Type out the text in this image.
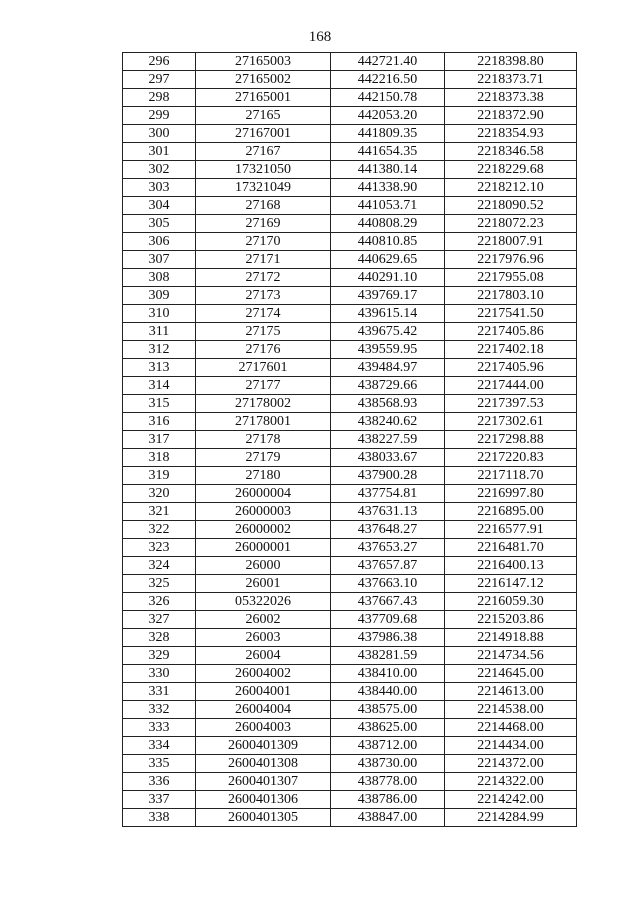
168
296	27165003	442721.40	2218398.80
297	27165002	442216.50	2218373.71
298	27165001	442150.78	2218373.38
299	27165	442053.20	2218372.90
300	27167001	441809.35	2218354.93
301	27167	441654.35	2218346.58
302	17321050	441380.14	2218229.68
303	17321049	441338.90	2218212.10
304	27168	441053.71	2218090.52
305	27169	440808.29	2218072.23
306	27170	440810.85	2218007.91
307	27171	440629.65	2217976.96
308	27172	440291.10	2217955.08
309	27173	439769.17	2217803.10
310	27174	439615.14	2217541.50
311	27175	439675.42	2217405.86
312	27176	439559.95	2217402.18
313	2717601	439484.97	2217405.96
314	27177	438729.66	2217444.00
315	27178002	438568.93	2217397.53
316	27178001	438240.62	2217302.61
317	27178	438227.59	2217298.88
318	27179	438033.67	2217220.83
319	27180	437900.28	2217118.70
320	26000004	437754.81	2216997.80
321	26000003	437631.13	2216895.00
322	26000002	437648.27	2216577.91
323	26000001	437653.27	2216481.70
324	26000	437657.87	2216400.13
325	26001	437663.10	2216147.12
326	05322026	437667.43	2216059.30
327	26002	437709.68	2215203.86
328	26003	437986.38	2214918.88
329	26004	438281.59	2214734.56
330	26004002	438410.00	2214645.00
331	26004001	438440.00	2214613.00
332	26004004	438575.00	2214538.00
333	26004003	438625.00	2214468.00
334	2600401309	438712.00	2214434.00
335	2600401308	438730.00	2214372.00
336	2600401307	438778.00	2214322.00
337	2600401306	438786.00	2214242.00
338	2600401305	438847.00	2214284.99
